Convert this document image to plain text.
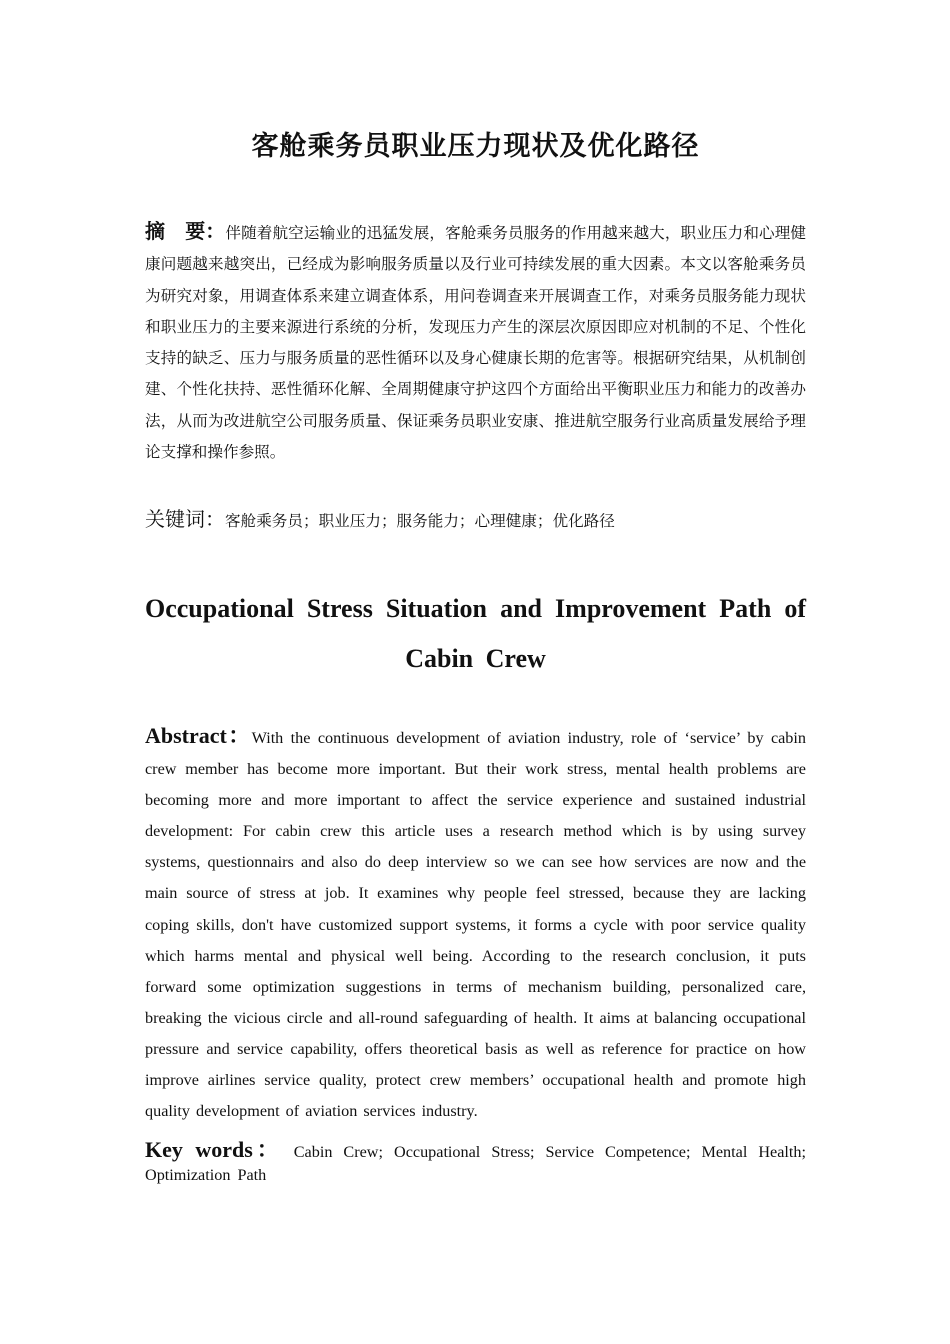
客舱乘务员职业压力现状及优化路径
摘　要：伴随着航空运输业的迅猛发展，客舱乘务员服务的作用越来越大，职业压力和心理健康问题越来越突出，已经成为影响服务质量以及行业可持续发展的重大因素。本文以客舱乘务员为研究对象，用调查体系来建立调查体系，用问卷调查来开展调查工作，对乘务员服务能力现状和职业压力的主要来源进行系统的分析，发现压力产生的深层次原因即应对机制的不足、个性化支持的缺乏、压力与服务质量的恶性循环以及身心健康长期的危害等。根据研究结果，从机制创建、个性化扶持、恶性循环化解、全周期健康守护这四个方面给出平衡职业压力和能力的改善办法，从而为改进航空公司服务质量、保证乘务员职业安康、推进航空服务行业高质量发展给予理论支撑和操作参照。
关键词：客舱乘务员；职业压力；服务能力；心理健康；优化路径
Occupational Stress Situation and Improvement Path of
Cabin Crew
Abstract：With the continuous development of aviation industry, role of ‘service’ by cabin crew member has become more important. But their work stress, mental health problems are becoming more and more important to affect the service experience and sustained industrial development: For cabin crew this article uses a research method which is by using survey systems, questionnairs and also do deep interview so we can see how services are now and the main source of stress at job. It examines why people feel stressed, because they are lacking coping skills, don't have customized support systems, it forms a cycle with poor service quality which harms mental and physical well being. According to the research conclusion, it puts forward some optimization suggestions in terms of mechanism building, personalized care, breaking the vicious circle and all-round safeguarding of health. It aims at balancing occupational pressure and service capability, offers theoretical basis as well as reference for practice on how improve airlines service quality, protect crew members’ occupational health and promote high quality development of aviation services industry.
Key words： Cabin Crew; Occupational Stress; Service Competence; Mental Health; Optimization Path
